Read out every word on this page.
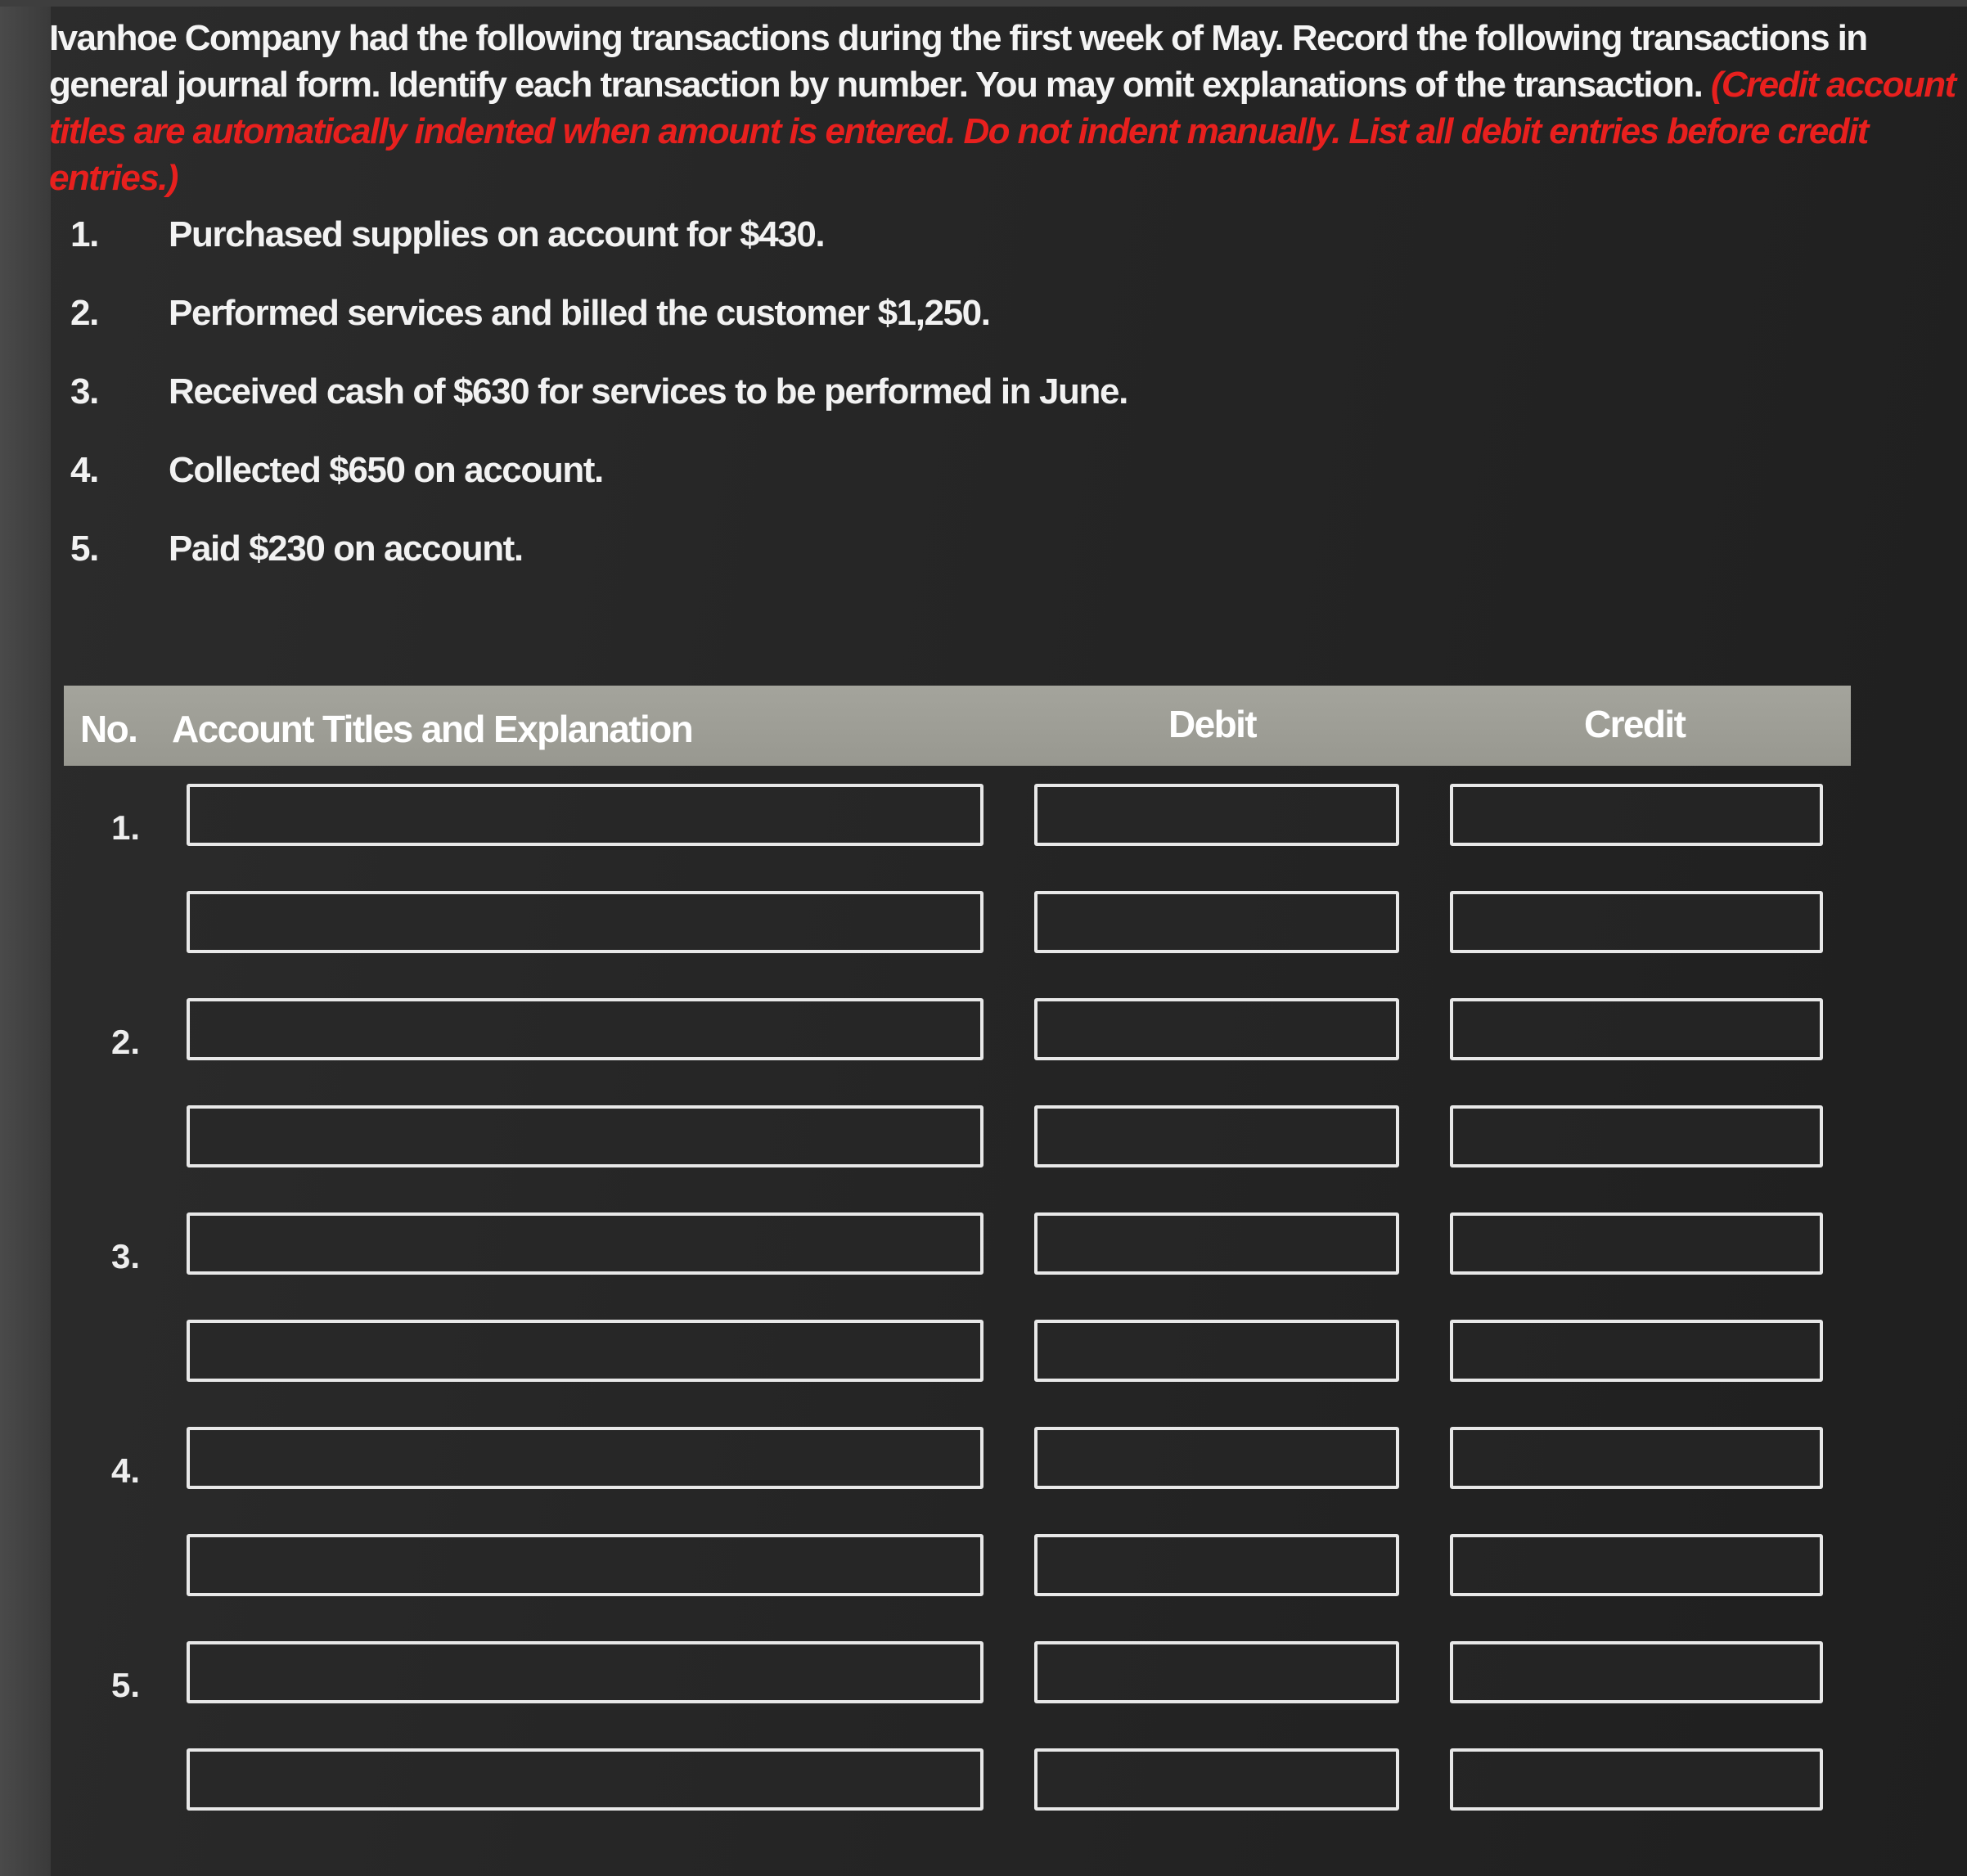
Ivanhoe Company had the following transactions during the first week of May. Record the following transactions in general journal form. Identify each transaction by number. You may omit explanations of the transaction. (Credit account titles are automatically indented when amount is entered. Do not indent manually. List all debit entries before credit entries.)
1.	Purchased supplies on account for $430.
2.	Performed services and billed the customer $1,250.
3.	Received cash of $630 for services to be performed in June.
4.	Collected $650 on account.
5.	Paid $230 on account.
No. Account Titles and Explanation	Debit	Credit
1.
2.
3.
4.
5.
